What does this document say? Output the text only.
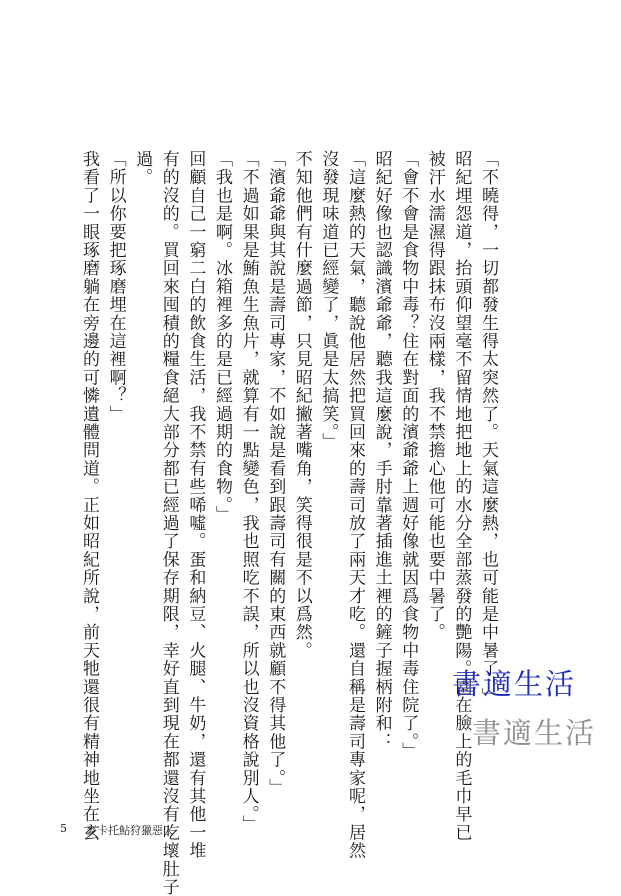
「不曉得，一切都發生得太突然了。天氣這麼熱，也可能是中暑了。」
昭紀埋怨道，抬頭仰望毫不留情地把地上的水分全部蒸發的艷陽。園在臉上的毛巾早已
被汗水濡濕得跟抹布沒兩樣，我不禁擔心他可能也要中暑了。
「會不會是食物中毒？住在對面的濱爺爺上週好像就因爲食物中毒住院了。」
昭紀好像也認識濱爺爺，聽我這麼說，手肘靠著插進土裡的鏟子握柄附和：
「這麼熱的天氣，聽說他居然把買回來的壽司放了兩天才吃。還自稱是壽司專家呢，居然
沒發現味道已經變了，眞是太搞笑。」
不知他們有什麼過節，只見昭紀撇著嘴角，笑得很是不以爲然。
「濱爺爺與其說是壽司專家，不如說是看到跟壽司有關的東西就顧不得其他了。」
「不過如果是鮪魚生魚片，就算有一點變色，我也照吃不誤，所以也沒資格說別人。」
「我也是啊。冰箱裡多的是已經過期的食物。」
回顧自己一窮二白的飲食生活，我不禁有些唏噓。蛋和納豆、火腿、牛奶，還有其他一堆
有的沒的。買回來囤積的糧食絕大部分都已經過了保存期限，幸好直到現在都還沒有吃壞肚子
過。
「所以你要把琢磨埋在這裡啊？」
我看了一眼琢磨躺在旁邊的可憐遺體問道。正如昭紀所說，前天牠還很有精神地坐在玄
5 麥卡托鮎狩獵惡人
書適生活
書適生活
